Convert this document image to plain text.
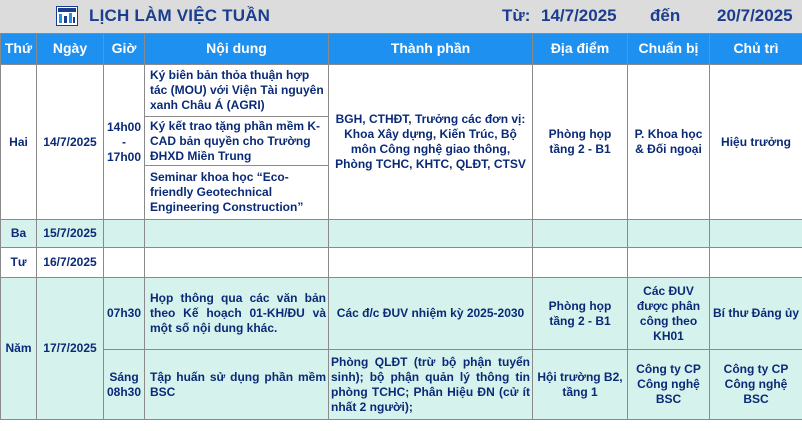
LỊCH LÀM VIỆC TUẦN	Từ: 14/7/2025 đến 20/7/2025
Thứ	Ngày	Giờ	Nội dung	Thành phần	Địa điểm	Chuẩn bị	Chủ trì
Hai	14/7/2025	14h00 - 17h00	Ký biên bản thỏa thuận hợp tác (MOU) với Viện Tài nguyên xanh Châu Á (AGRI)	BGH, CTHĐT, Trưởng các đơn vị: Khoa Xây dựng, Kiến Trúc, Bộ môn Công nghệ giao thông, Phòng TCHC, KHTC, QLĐT, CTSV	Phòng họp tầng 2 - B1	P. Khoa học & Đối ngoại	Hiệu trưởng
			Ký kết trao tặng phần mềm K-CAD bản quyền cho Trường ĐHXD Miền Trung				
			Seminar khoa học “Eco-friendly Geotechnical Engineering Construction”				
Ba	15/7/2025						
Tư	16/7/2025						
Năm	17/7/2025	07h30	Họp thông qua các văn bản theo Kế hoạch 01-KH/ĐU và một số nội dung khác.	Các đ/c ĐUV nhiệm kỳ 2025-2030	Phòng họp tầng 2 - B1	Các ĐUV được phân công theo KH01	Bí thư Đảng ủy
		Sáng 08h30	Tập huấn sử dụng phần mềm BSC	Phòng QLĐT (trừ bộ phận tuyển sinh); bộ phận quản lý thông tin phòng TCHC; Phân Hiệu ĐN (cử ít nhất 2 người);	Hội trường B2, tầng 1	Công ty CP Công nghệ BSC	Công ty CP Công nghệ BSC
